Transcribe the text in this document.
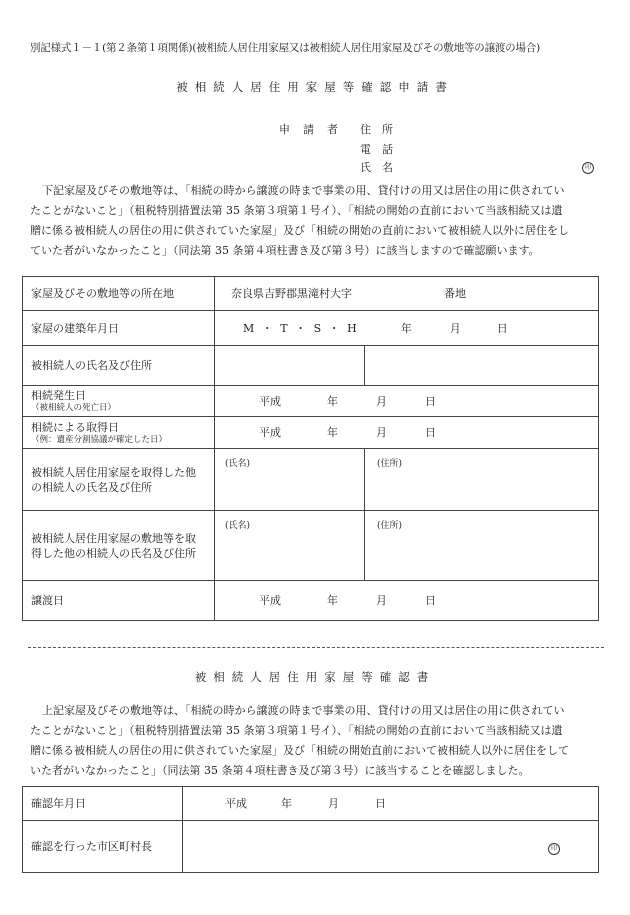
別記様式１－１(第２条第１項関係)(被相続人居住用家屋又は被相続人居住用家屋及びその敷地等の譲渡の場合)
被相続人居住用家屋等確認申請書
申　請　者 住　所
電　話
氏　名	印
下記家屋及びその敷地等は、「相続の時から譲渡の時まで事業の用、貸付けの用又は居住の用に供されてい
たことがないこと」（租税特別措置法第 35 条第３項第１号イ）、「相続の開始の直前において当該相続又は遺
贈に係る被相続人の居住の用に供されていた家屋」及び「相続の開始の直前において被相続人以外に居住をし
ていた者がいなかったこと」（同法第 35 条第４項柱書き及び第３号）に該当しますので確認願います。
家屋及びその敷地等の所在地	奈良県吉野郡黒滝村大字 番地	

家屋の建築年月日	M ・ T ・ S ・ H 年 月 日	

被相続人の氏名及び住所		

相続発生日
（被相続人の死亡日）	平成 年 月 日	

相続による取得日
（例：遺産分割協議が確定した日）	平成 年 月 日	

被相続人居住用家屋を取得した他
の相続人の氏名及び住所	(氏名)	(住所)

被相続人居住用家屋の敷地等を取
得した他の相続人の氏名及び住所	(氏名)	(住所)

譲渡日	平成 年 月 日	
被相続人居住用家屋等確認書
上記家屋及びその敷地等は、「相続の時から譲渡の時まで事業の用、貸付けの用又は居住の用に供されてい
たことがないこと」（租税特別措置法第 35 条第３項第１号イ）、「相続の開始の直前において当該相続又は遺
贈に係る被相続人の居住の用に供されていた家屋」及び「相続の開始直前において被相続人以外に居住をして
いた者がいなかったこと」（同法第 35 条第４項柱書き及び第３号）に該当することを確認しました。
確認年月日	平成 年 月 日

確認を行った市区町村長	印
